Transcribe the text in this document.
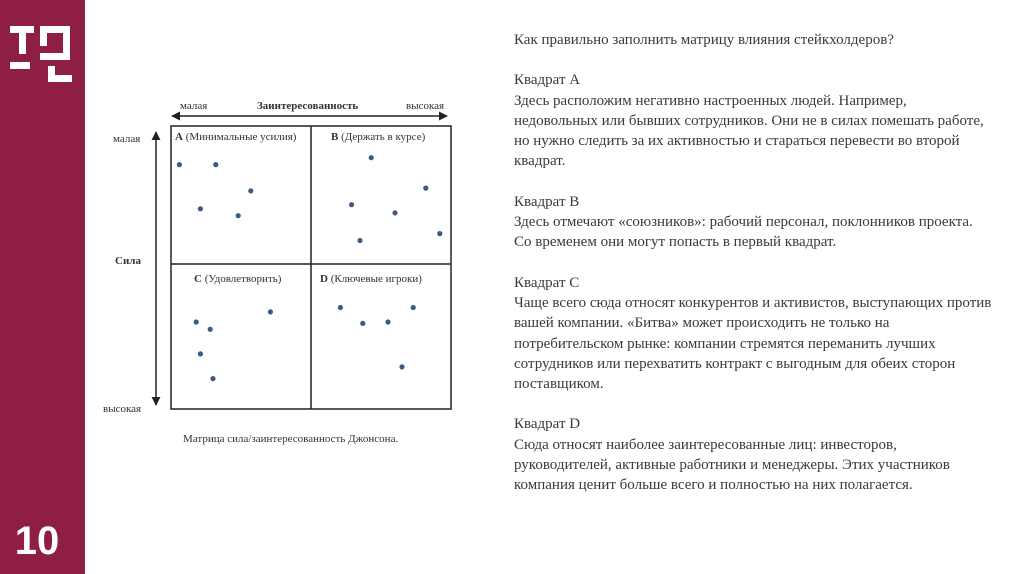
10
малая	Заинтересованность	высокая
малая
Сила
высокая
A (Минимальные усилия)	B (Держать в курсе)
C (Удовлетворить)	D (Ключевые игроки)
Матрица сила/заинтересованность Джонсона.

Как правильно заполнить матрицу влияния стейкхолдеров?

Квадрат А
Здесь расположим негативно настроенных людей. Например, недовольных или бывших сотрудников. Они не в силах помешать работе, но нужно следить за их активностью и стараться перевести во второй квадрат.
Квадрат В
Здесь отмечают «союзников»: рабочий персонал, поклонников проекта. Со временем они могут попасть в первый квадрат.
Квадрат С
Чаще всего сюда относят конкурентов и активистов, выступающих против вашей компании. «Битва» может происходить не только на потребительском рынке: компании стремятся переманить лучших сотрудников или перехватить контракт с выгодным для обеих сторон поставщиком.
Квадрат D
Сюда относят наиболее заинтересованные лиц: инвесторов, руководителей, активные работники и менеджеры. Этих участников компания ценит больше всего и полностью на них полагается.
